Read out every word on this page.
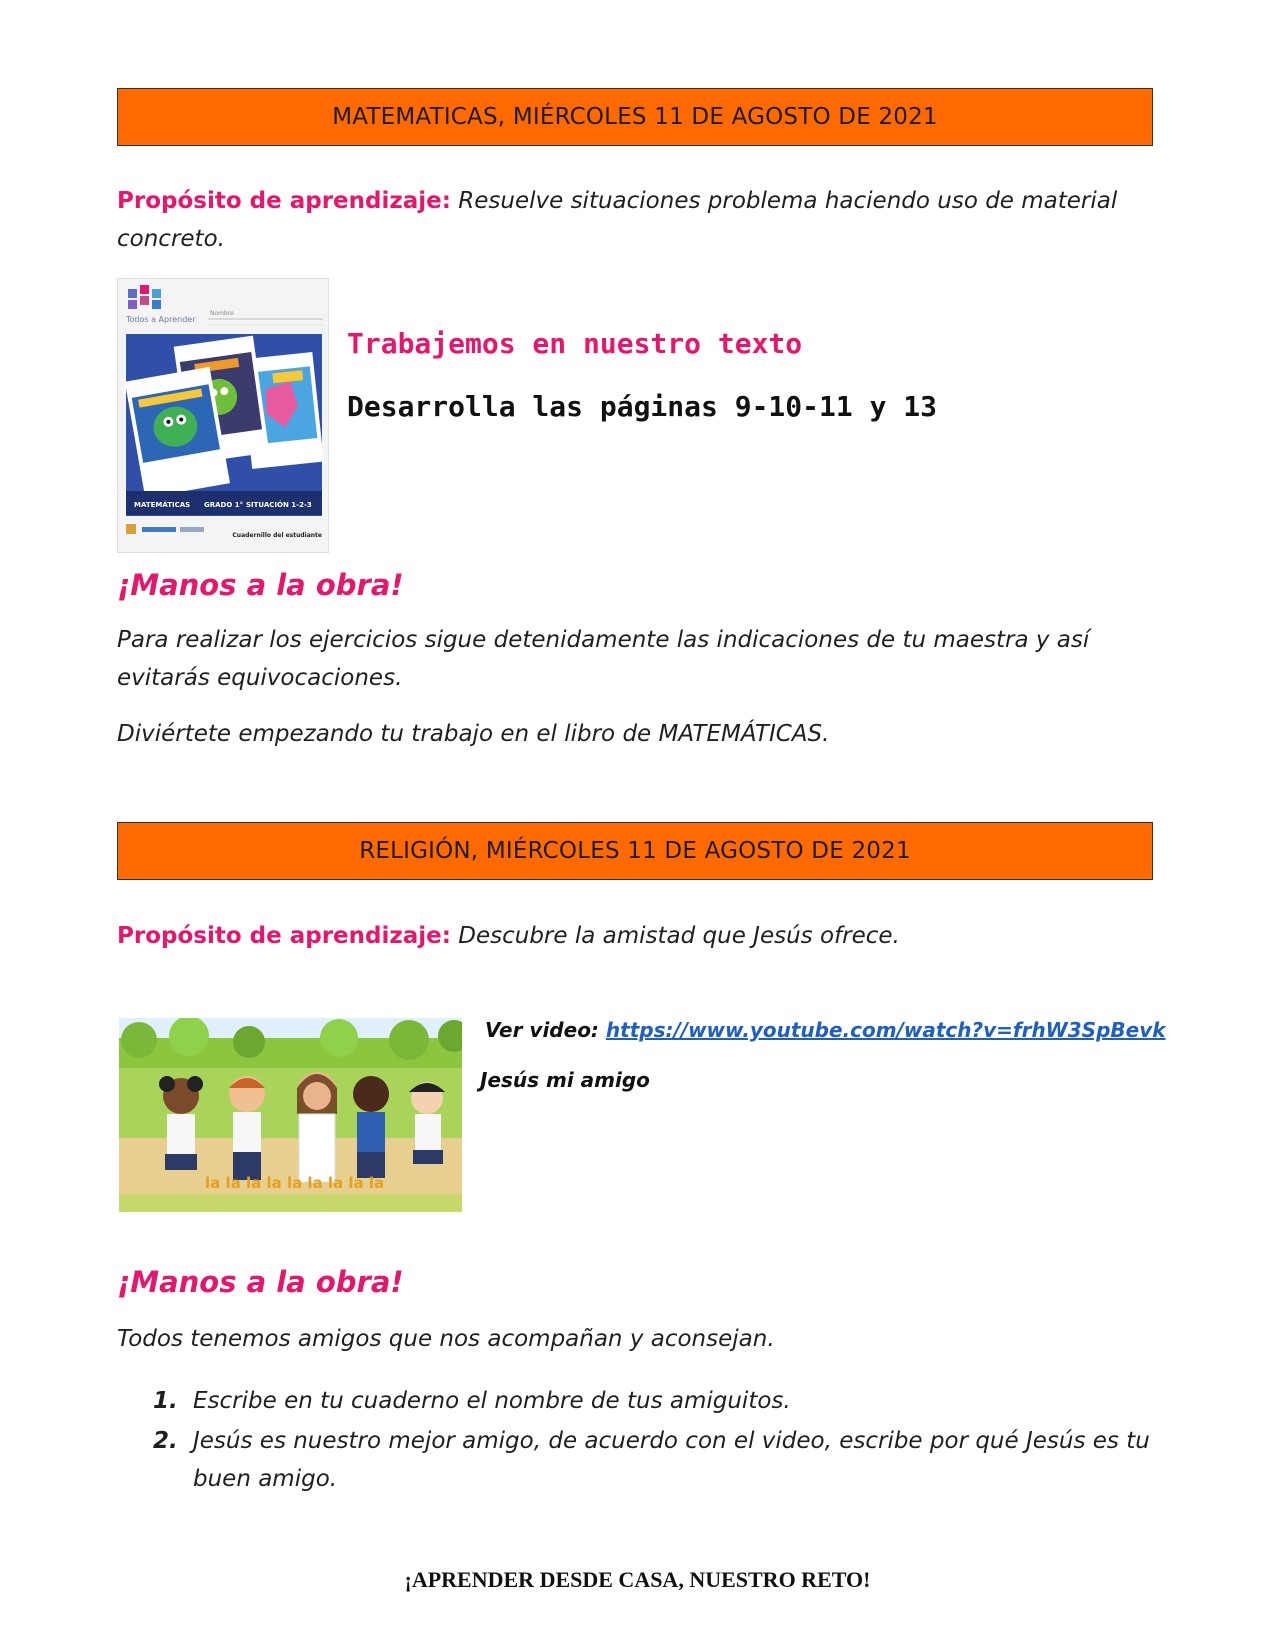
MATEMATICAS, MIÉRCOLES 11 DE AGOSTO DE 2021
Propósito de aprendizaje: Resuelve situaciones problema haciendo uso de material concreto.
Todos a Aprender
Nombre
MATEMÁTICAS GRADO 1° SITUACIÓN 1-2-3
Cuadernillo del estudiante
Trabajemos en nuestro texto
Desarrolla las páginas 9-10-11 y 13
¡Manos a la obra!
Para realizar los ejercicios sigue detenidamente las indicaciones de tu maestra y así evitarás equivocaciones.
Diviértete empezando tu trabajo en el libro de MATEMÁTICAS.
RELIGIÓN, MIÉRCOLES 11 DE AGOSTO DE 2021
Propósito de aprendizaje: Descubre la amistad que Jesús ofrece.
la la la la la la la la la
Ver video: https://www.youtube.com/watch?v=frhW3SpBevk
Jesús mi amigo
¡Manos a la obra!
Todos tenemos amigos que nos acompañan y aconsejan.
1. Escribe en tu cuaderno el nombre de tus amiguitos.
2. Jesús es nuestro mejor amigo, de acuerdo con el video, escribe por qué Jesús es tu buen amigo.
¡APRENDER DESDE CASA, NUESTRO RETO!
